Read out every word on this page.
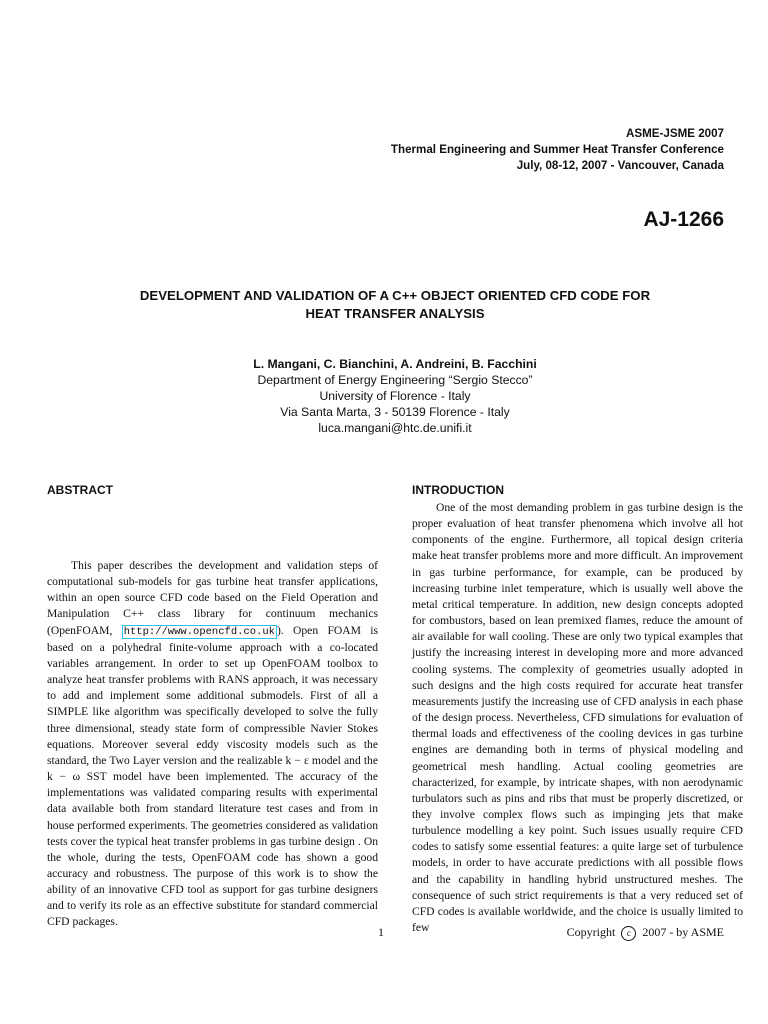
ASME-JSME 2007
Thermal Engineering and Summer Heat Transfer Conference
July, 08-12, 2007 - Vancouver, Canada
AJ-1266
DEVELOPMENT AND VALIDATION OF A C++ OBJECT ORIENTED CFD CODE FOR
HEAT TRANSFER ANALYSIS
L. Mangani, C. Bianchini, A. Andreini, B. Facchini
Department of Energy Engineering “Sergio Stecco”
University of Florence - Italy
Via Santa Marta, 3 - 50139 Florence - Italy
luca.mangani@htc.de.unifi.it
ABSTRACT	INTRODUCTION

This paper describes the development and validation steps of computational sub-models for gas turbine heat transfer applications, within an open source CFD code based on the Field Operation and Manipulation C++ class library for continuum mechanics (OpenFOAM, http://www.opencfd.co.uk ). Open FOAM is based on a polyhedral finite-volume approach with a co-located variables arrangement. In order to set up OpenFOAM toolbox to analyze heat transfer problems with RANS approach, it was necessary to add and implement some additional submodels. First of all a SIMPLE like algorithm was specifically developed to solve the fully three dimensional, steady state form of compressible Navier Stokes equations. Moreover several eddy viscosity models such as the standard, the Two Layer version and the realizable k − ε model and the k − ω SST model have been implemented. The accuracy of the implementations was validated comparing results with experimental data available both from standard literature test cases and from in house performed experiments. The geometries considered as validation tests cover the typical heat transfer problems in gas turbine design . On the whole, during the tests, OpenFOAM code has shown a good accuracy and robustness. The purpose of this work is to show the ability of an innovative CFD tool as support for gas turbine designers and to verify its role as an effective substitute for standard commercial CFD packages.

One of the most demanding problem in gas turbine design is the proper evaluation of heat transfer phenomena which involve all hot components of the engine. Furthermore, all topical design criteria make heat transfer problems more and more difficult. An improvement in gas turbine performance, for example, can be produced by increasing turbine inlet temperature, which is usually well above the metal critical temperature. In addition, new design concepts adopted for combustors, based on lean premixed flames, reduce the amount of air available for wall cooling. These are only two typical examples that justify the increasing interest in developing more and more advanced cooling systems. The complexity of geometries usually adopted in such designs and the high costs required for accurate heat transfer measurements justify the increasing use of CFD analysis in each phase of the design process. Nevertheless, CFD simulations for evaluation of thermal loads and effectiveness of the cooling devices in gas turbine engines are demanding both in terms of physical modeling and geometrical mesh handling. Actual cooling geometries are characterized, for example, by intricate shapes, with non aerodynamic turbulators such as pins and ribs that must be properly discretized, or they involve complex flows such as impinging jets that make turbulence modelling a key point. Such issues usually require CFD codes to satisfy some essential features: a quite large set of turbulence models, in order to have accurate predictions with all possible flows and the capability in handling hybrid unstructured meshes. The consequence of such strict requirements is that a very reduced set of CFD codes is available worldwide, and the choice is usually limited to few

1	Copyright c 2007 - by ASME
